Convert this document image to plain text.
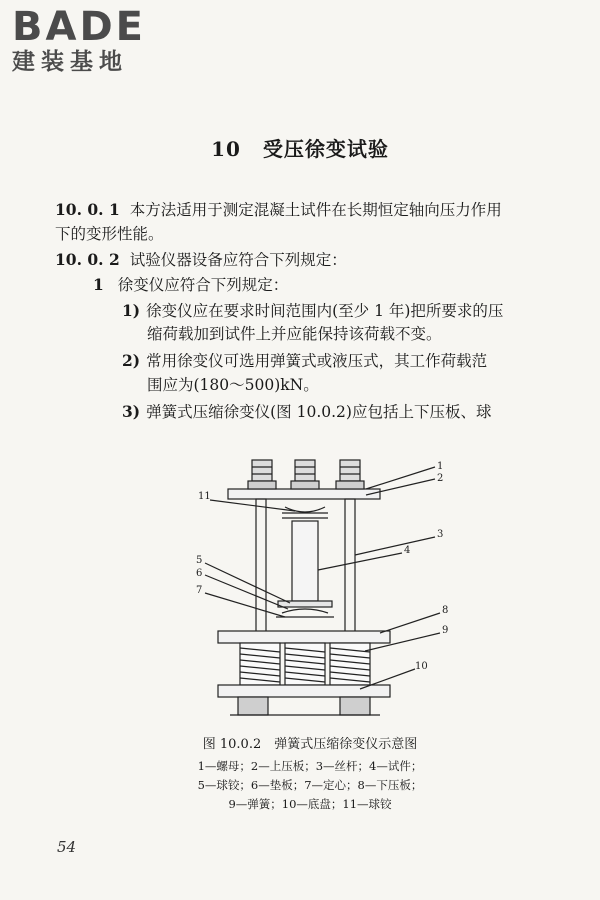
BADE
建装基地
10 受压徐变试验
10. 0. 1 本方法适用于测定混凝土试件在长期恒定轴向压力作用
下的变形性能。
10. 0. 2 试验仪器设备应符合下列规定：
1 徐变仪应符合下列规定：
1) 徐变仪应在要求时间范围内(至少 1 年)把所要求的压
缩荷载加到试件上并应能保持该荷载不变。
2) 常用徐变仪可选用弹簧式或液压式，其工作荷载范
围应为(180～500)kN。
3) 弹簧式压缩徐变仪(图 10.0.2)应包括上下压板、球
1
2
3
4
5
6
7
8
9
10
11
图 10.0.2　弹簧式压缩徐变仪示意图
1—螺母；2—上压板；3—丝杆；4—试件；
5—球铰；6—垫板；7—定心；8—下压板；
9—弹簧；10—底盘；11—球铰
54
